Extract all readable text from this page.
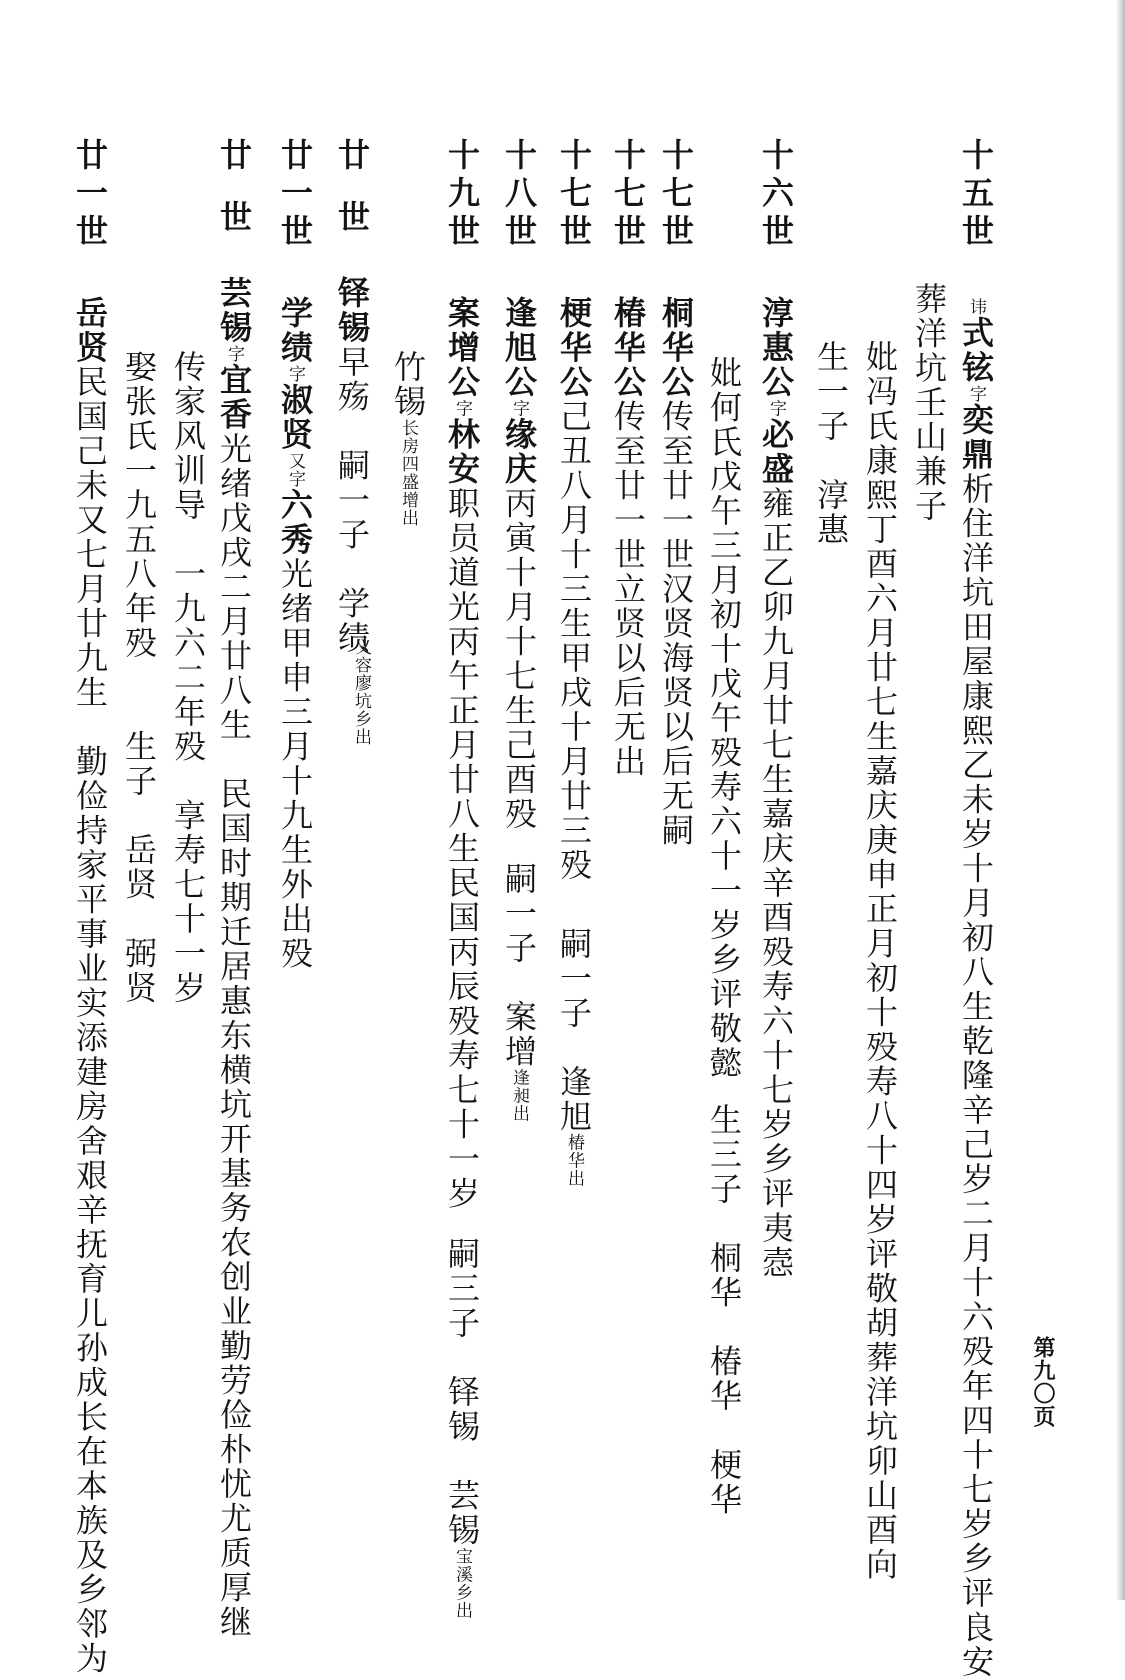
第九〇页
十五世讳式铉字奕鼎析住洋坑田屋康熙乙未岁十月初八生乾隆辛己岁二月十六殁年四十七岁乡评良安
葬洋坑壬山兼子
妣冯氏康熙丁酉六月廿七生嘉庆庚申正月初十殁寿八十四岁评敬胡葬洋坑卯山酉向
生一子　淳惠
十六世淳惠公字必盛雍正乙卯九月廿七生嘉庆辛酉殁寿六十七岁乡评夷悫
妣何氏戊午三月初十戊午殁寿六十一岁乡评敬懿生三子　桐华　椿华　梗华
十七世桐华公传至廿一世汉贤海贤以后无嗣
十七世椿华公传至廿一世立贤以后无出
十七世梗华公己丑八月十三生甲戌十月廿三殁嗣一子　逢旭椿华出
十八世逢旭公字缘庆丙寅十月十七生己酉殁嗣一子　案增逢昶出
十九世案增公字林安职员道光丙午正月廿八生民国丙辰殁寿七十一岁嗣三子　铎锡　芸锡宝溪乡出
竹锡长房四盛增出
廿世铎锡早殇　嗣一子　学绩
义容廖坑乡出
廿一世学绩字淑贤又字六秀光绪甲申三月十九生外出殁
廿世芸锡字宜香光绪戊戌二月廿八生　民国时期迁居惠东横坑开基务农创业勤劳俭朴忧尤质厚继
传家风训导　一九六二年殁　享寿七十一岁
娶张氏一九五八年殁　　生子　岳贤　弼贤
廿一世岳贤民国己未又七月廿九生　勤俭持家平事业实添建房舍艰辛抚育儿孙成长在本族及乡邻为
